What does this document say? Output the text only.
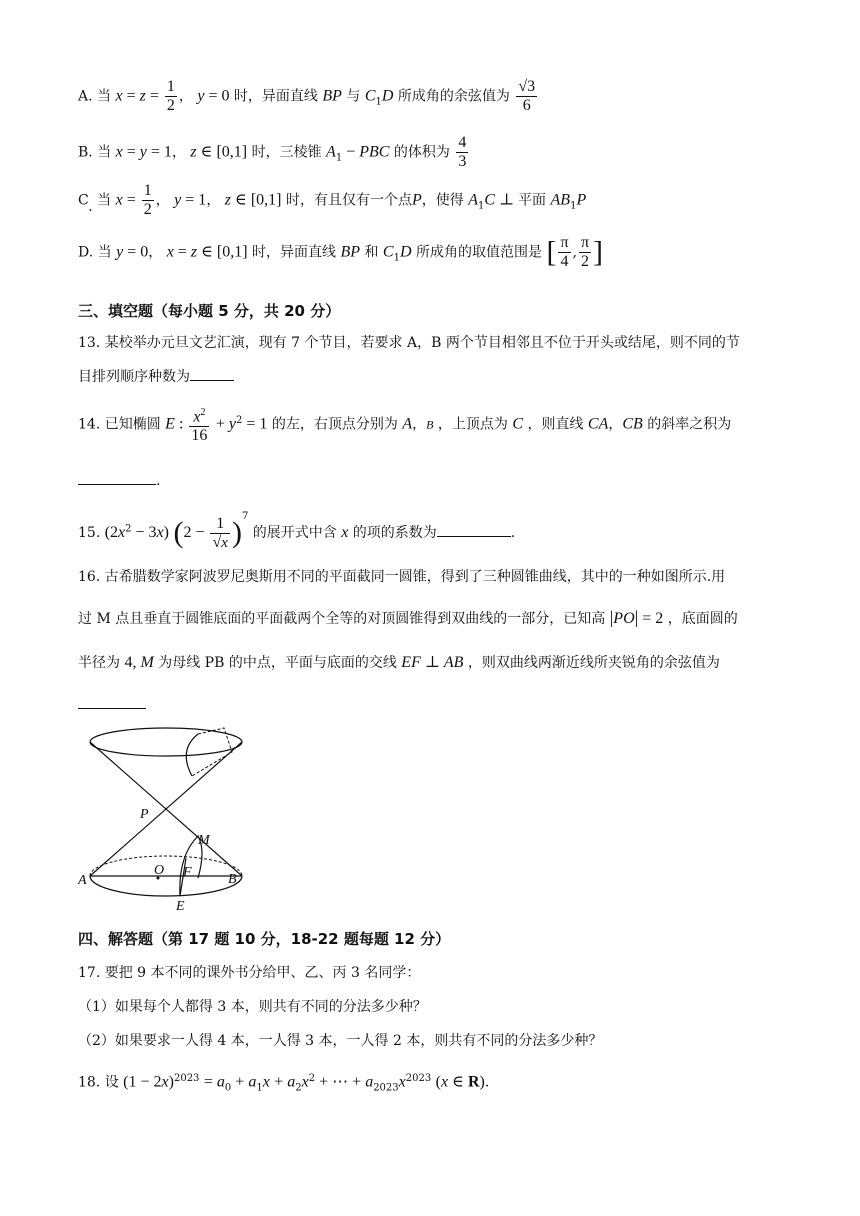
A. 当 $x = z = \frac{1}{2}$ ， y = 0 时，异面直线 BP 与 $C_1D$ 所成角的余弦值为 $\frac{√3}{6}$
B. 当 x = y = 1， z ∈ [0,1] 时，三棱锥 $A_1$ − PBC 的体积为 $\frac{4}{3}$
C. 当 $x = \frac{1}{2}$ ， y = 1， z ∈ [0,1] 时，有且仅有一个点P，使得 $A_1C$ ⊥ 平面 $AB_1P$
D. 当 y = 0， x = z ∈ [0,1] 时，异面直线 BP 和 $C_1D$ 所成角的取值范围是 [ $\frac{\pi}{4}$ , $\frac{\pi}{2}$ ]
三、填空题（每小题 5 分，共 20 分）
13. 某校举办元旦文艺汇演，现有 7 个节目，若要求 A，B 两个节目相邻且不位于开头或结尾，则不同的节
目排列顺序种数为
14. 已知椭圆 E : $\frac{x^2}{16} + y^2 = 1$ 的左，右顶点分别为 A，B ，上顶点为 C ，则直线 CA，CB 的斜率之积为
.
15. $(2x^2 - 3x) (2 - \frac{1}{√x} )^7$ 的展开式中含 x 的项的系数为	.
16. 古希腊数学家阿波罗尼奥斯用不同的平面截同一圆锥，得到了三种圆锥曲线，其中的一种如图所示.用
过 M 点且垂直于圆锥底面的平面截两个全等的对顶圆锥得到双曲线的一部分，已知高 |PO| = 2 ，底面圆的
半径为 4, M 为母线 PB 的中点，平面与底面的交线 EF ⊥ AB ，则双曲线两渐近线所夹锐角的余弦值为
P
M
A
O F	B
E
四、解答题（第 17 题 10 分，18-22 题每题 12 分）
17. 要把 9 本不同的课外书分给甲、乙、丙 3 名同学：
（1）如果每个人都得 3 本，则共有不同的分法多少种？
（2）如果要求一人得 4 本，一人得 3 本，一人得 2 本，则共有不同的分法多少种？
18. 设 $(1 - 2x)^{2023} = a_0 + a_1x + a_2x^2$ + ⋯ + $a_{2023}x^{2023}$ (x ∈ R).
